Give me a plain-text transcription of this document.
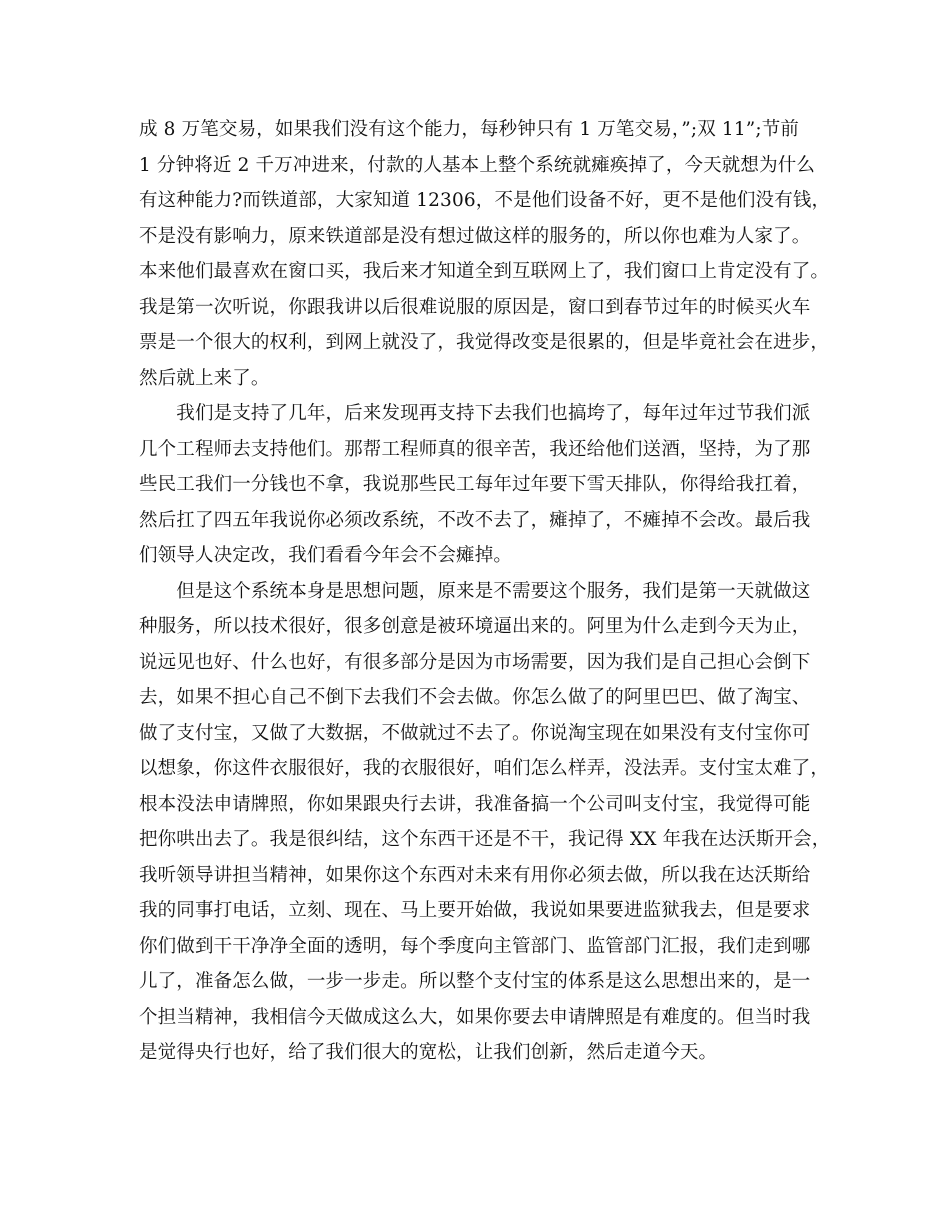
成 8 万笔交易，如果我们没有这个能力，每秒钟只有 1 万笔交易，”;双 11”;节前
1 分钟将近 2 千万冲进来，付款的人基本上整个系统就瘫痪掉了，今天就想为什么
有这种能力?而铁道部，大家知道 12306，不是他们设备不好，更不是他们没有钱，
不是没有影响力，原来铁道部是没有想过做这样的服务的，所以你也难为人家了。
本来他们最喜欢在窗口买，我后来才知道全到互联网上了，我们窗口上肯定没有了。
我是第一次听说，你跟我讲以后很难说服的原因是，窗口到春节过年的时候买火车
票是一个很大的权利，到网上就没了，我觉得改变是很累的，但是毕竟社会在进步，
然后就上来了。
　　我们是支持了几年，后来发现再支持下去我们也搞垮了，每年过年过节我们派
几个工程师去支持他们。那帮工程师真的很辛苦，我还给他们送酒，坚持，为了那
些民工我们一分钱也不拿，我说那些民工每年过年要下雪天排队，你得给我扛着，
然后扛了四五年我说你必须改系统，不改不去了，瘫掉了，不瘫掉不会改。最后我
们领导人决定改，我们看看今年会不会瘫掉。
　　但是这个系统本身是思想问题，原来是不需要这个服务，我们是第一天就做这
种服务，所以技术很好，很多创意是被环境逼出来的。阿里为什么走到今天为止，
说远见也好、什么也好，有很多部分是因为市场需要，因为我们是自己担心会倒下
去，如果不担心自己不倒下去我们不会去做。你怎么做了的阿里巴巴、做了淘宝、
做了支付宝，又做了大数据，不做就过不去了。你说淘宝现在如果没有支付宝你可
以想象，你这件衣服很好，我的衣服很好，咱们怎么样弄，没法弄。支付宝太难了，
根本没法申请牌照，你如果跟央行去讲，我准备搞一个公司叫支付宝，我觉得可能
把你哄出去了。我是很纠结，这个东西干还是不干，我记得 XX 年我在达沃斯开会，
我听领导讲担当精神，如果你这个东西对未来有用你必须去做，所以我在达沃斯给
我的同事打电话，立刻、现在、马上要开始做，我说如果要进监狱我去，但是要求
你们做到干干净净全面的透明，每个季度向主管部门、监管部门汇报，我们走到哪
儿了，准备怎么做，一步一步走。所以整个支付宝的体系是这么思想出来的，是一
个担当精神，我相信今天做成这么大，如果你要去申请牌照是有难度的。但当时我
是觉得央行也好，给了我们很大的宽松，让我们创新，然后走道今天。
